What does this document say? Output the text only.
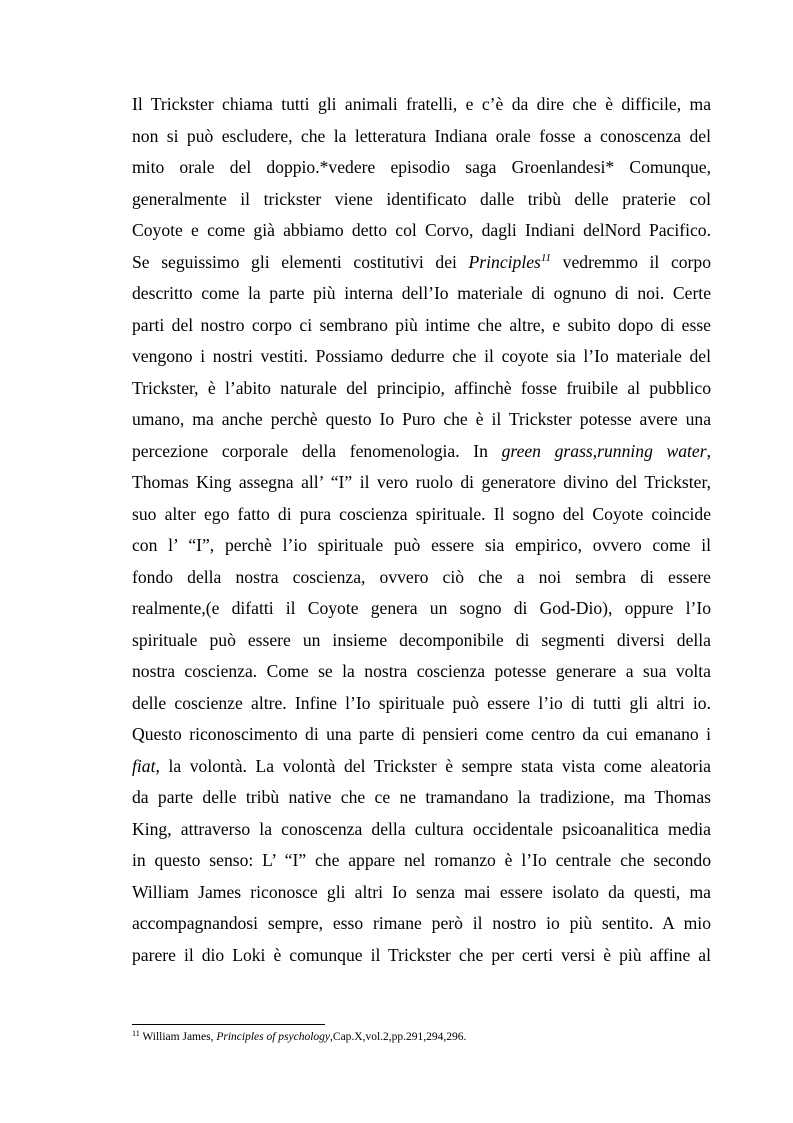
Il Trickster chiama tutti gli animali fratelli, e c’è da dire che è difficile, ma
non si può escludere, che la letteratura Indiana orale fosse a conoscenza del
mito orale del doppio.*vedere episodio saga Groenlandesi* Comunque,
generalmente il trickster viene identificato dalle tribù delle praterie col
Coyote e come già abbiamo detto col Corvo, dagli Indiani delNord Pacifico.
Se seguissimo gli elementi costitutivi dei Principles$^{11}$ vedremmo il corpo
descritto come la parte più interna dell’Io materiale di ognuno di noi. Certe
parti del nostro corpo ci sembrano più intime che altre, e subito dopo di esse
vengono i nostri vestiti. Possiamo dedurre che il coyote sia l’Io materiale del
Trickster, è l’abito naturale del principio, affinchè fosse fruibile al pubblico
umano, ma anche perchè questo Io Puro che è il Trickster potesse avere una
percezione corporale della fenomenologia. In green grass,running water,
Thomas King assegna all’ “I” il vero ruolo di generatore divino del Trickster,
suo alter ego fatto di pura coscienza spirituale. Il sogno del Coyote coincide
con l’ “I”, perchè l’io spirituale può essere sia empirico, ovvero come il
fondo della nostra coscienza, ovvero ciò che a noi sembra di essere
realmente,(e difatti il Coyote genera un sogno di God-Dio), oppure l’Io
spirituale può essere un insieme decomponibile di segmenti diversi della
nostra coscienza. Come se la nostra coscienza potesse generare a sua volta
delle coscienze altre. Infine l’Io spirituale può essere l’io di tutti gli altri io.
Questo riconoscimento di una parte di pensieri come centro da cui emanano i
fiat, la volontà. La volontà del Trickster è sempre stata vista come aleatoria
da parte delle tribù native che ce ne tramandano la tradizione, ma Thomas
King, attraverso la conoscenza della cultura occidentale psicoanalitica media
in questo senso: L’ “I” che appare nel romanzo è l’Io centrale che secondo
William James riconosce gli altri Io senza mai essere isolato da questi, ma
accompagnandosi sempre, esso rimane però il nostro io più sentito. A mio
parere il dio Loki è comunque il Trickster che per certi versi è più affine al
$^{11}$ William James, Principles of psychology,Cap.X,vol.2,pp.291,294,296.
